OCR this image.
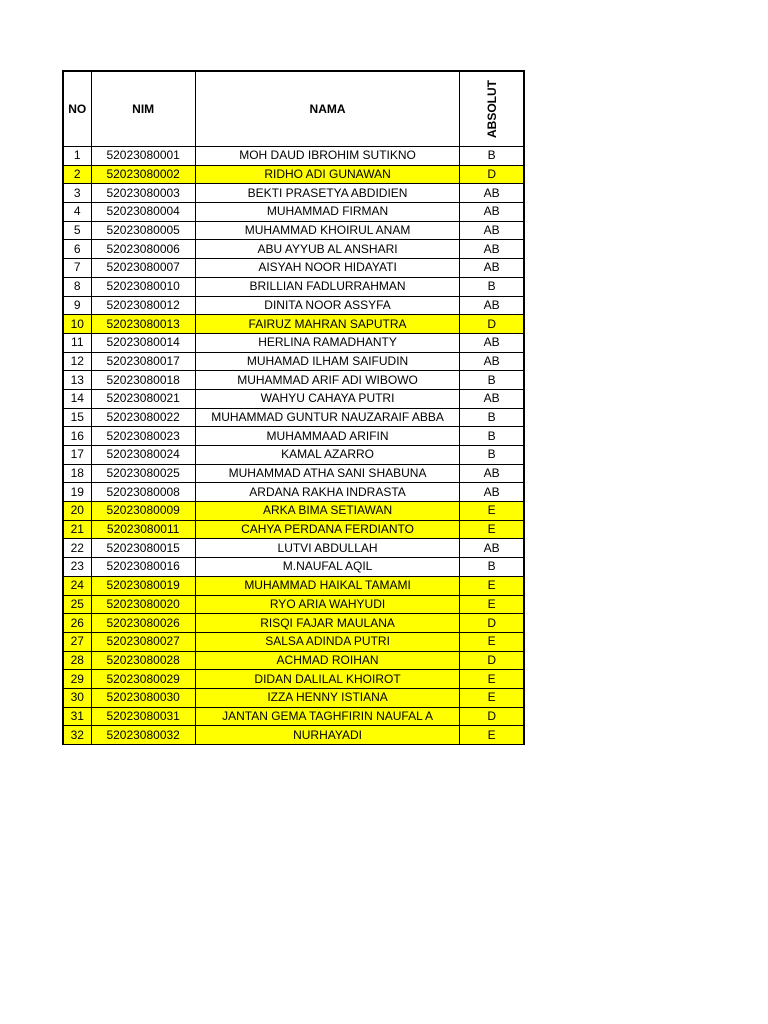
NO	NIM	NAMA	ABSOLUT

1	52023080001	MOH DAUD IBROHIM SUTIKNO	B
2	52023080002	RIDHO ADI GUNAWAN	D
3	52023080003	BEKTI PRASETYA ABDIDIEN	AB
4	52023080004	MUHAMMAD FIRMAN	AB
5	52023080005	MUHAMMAD KHOIRUL ANAM	AB
6	52023080006	ABU AYYUB AL ANSHARI	AB
7	52023080007	AISYAH NOOR HIDAYATI	AB
8	52023080010	BRILLIAN FADLURRAHMAN	B
9	52023080012	DINITA NOOR ASSYFA	AB
10	52023080013	FAIRUZ MAHRAN SAPUTRA	D
11	52023080014	HERLINA RAMADHANTY	AB
12	52023080017	MUHAMAD ILHAM SAIFUDIN	AB
13	52023080018	MUHAMMAD ARIF ADI WIBOWO	B
14	52023080021	WAHYU CAHAYA PUTRI	AB
15	52023080022	MUHAMMAD GUNTUR NAUZARAIF ABBA	B
16	52023080023	MUHAMMAAD ARIFIN	B
17	52023080024	KAMAL AZARRO	B
18	52023080025	MUHAMMAD ATHA SANI SHABUNA	AB
19	52023080008	ARDANA RAKHA INDRASTA	AB
20	52023080009	ARKA BIMA SETIAWAN	E
21	52023080011	CAHYA PERDANA FERDIANTO	E
22	52023080015	LUTVI ABDULLAH	AB
23	52023080016	M.NAUFAL AQIL	B
24	52023080019	MUHAMMAD HAIKAL TAMAMI	E
25	52023080020	RYO ARIA WAHYUDI	E
26	52023080026	RISQI FAJAR MAULANA	D
27	52023080027	SALSA ADINDA PUTRI	E
28	52023080028	ACHMAD ROIHAN	D
29	52023080029	DIDAN DALILAL KHOIROT	E
30	52023080030	IZZA HENNY ISTIANA	E
31	52023080031	JANTAN GEMA TAGHFIRIN NAUFAL A	D
32	52023080032	NURHAYADI	E
